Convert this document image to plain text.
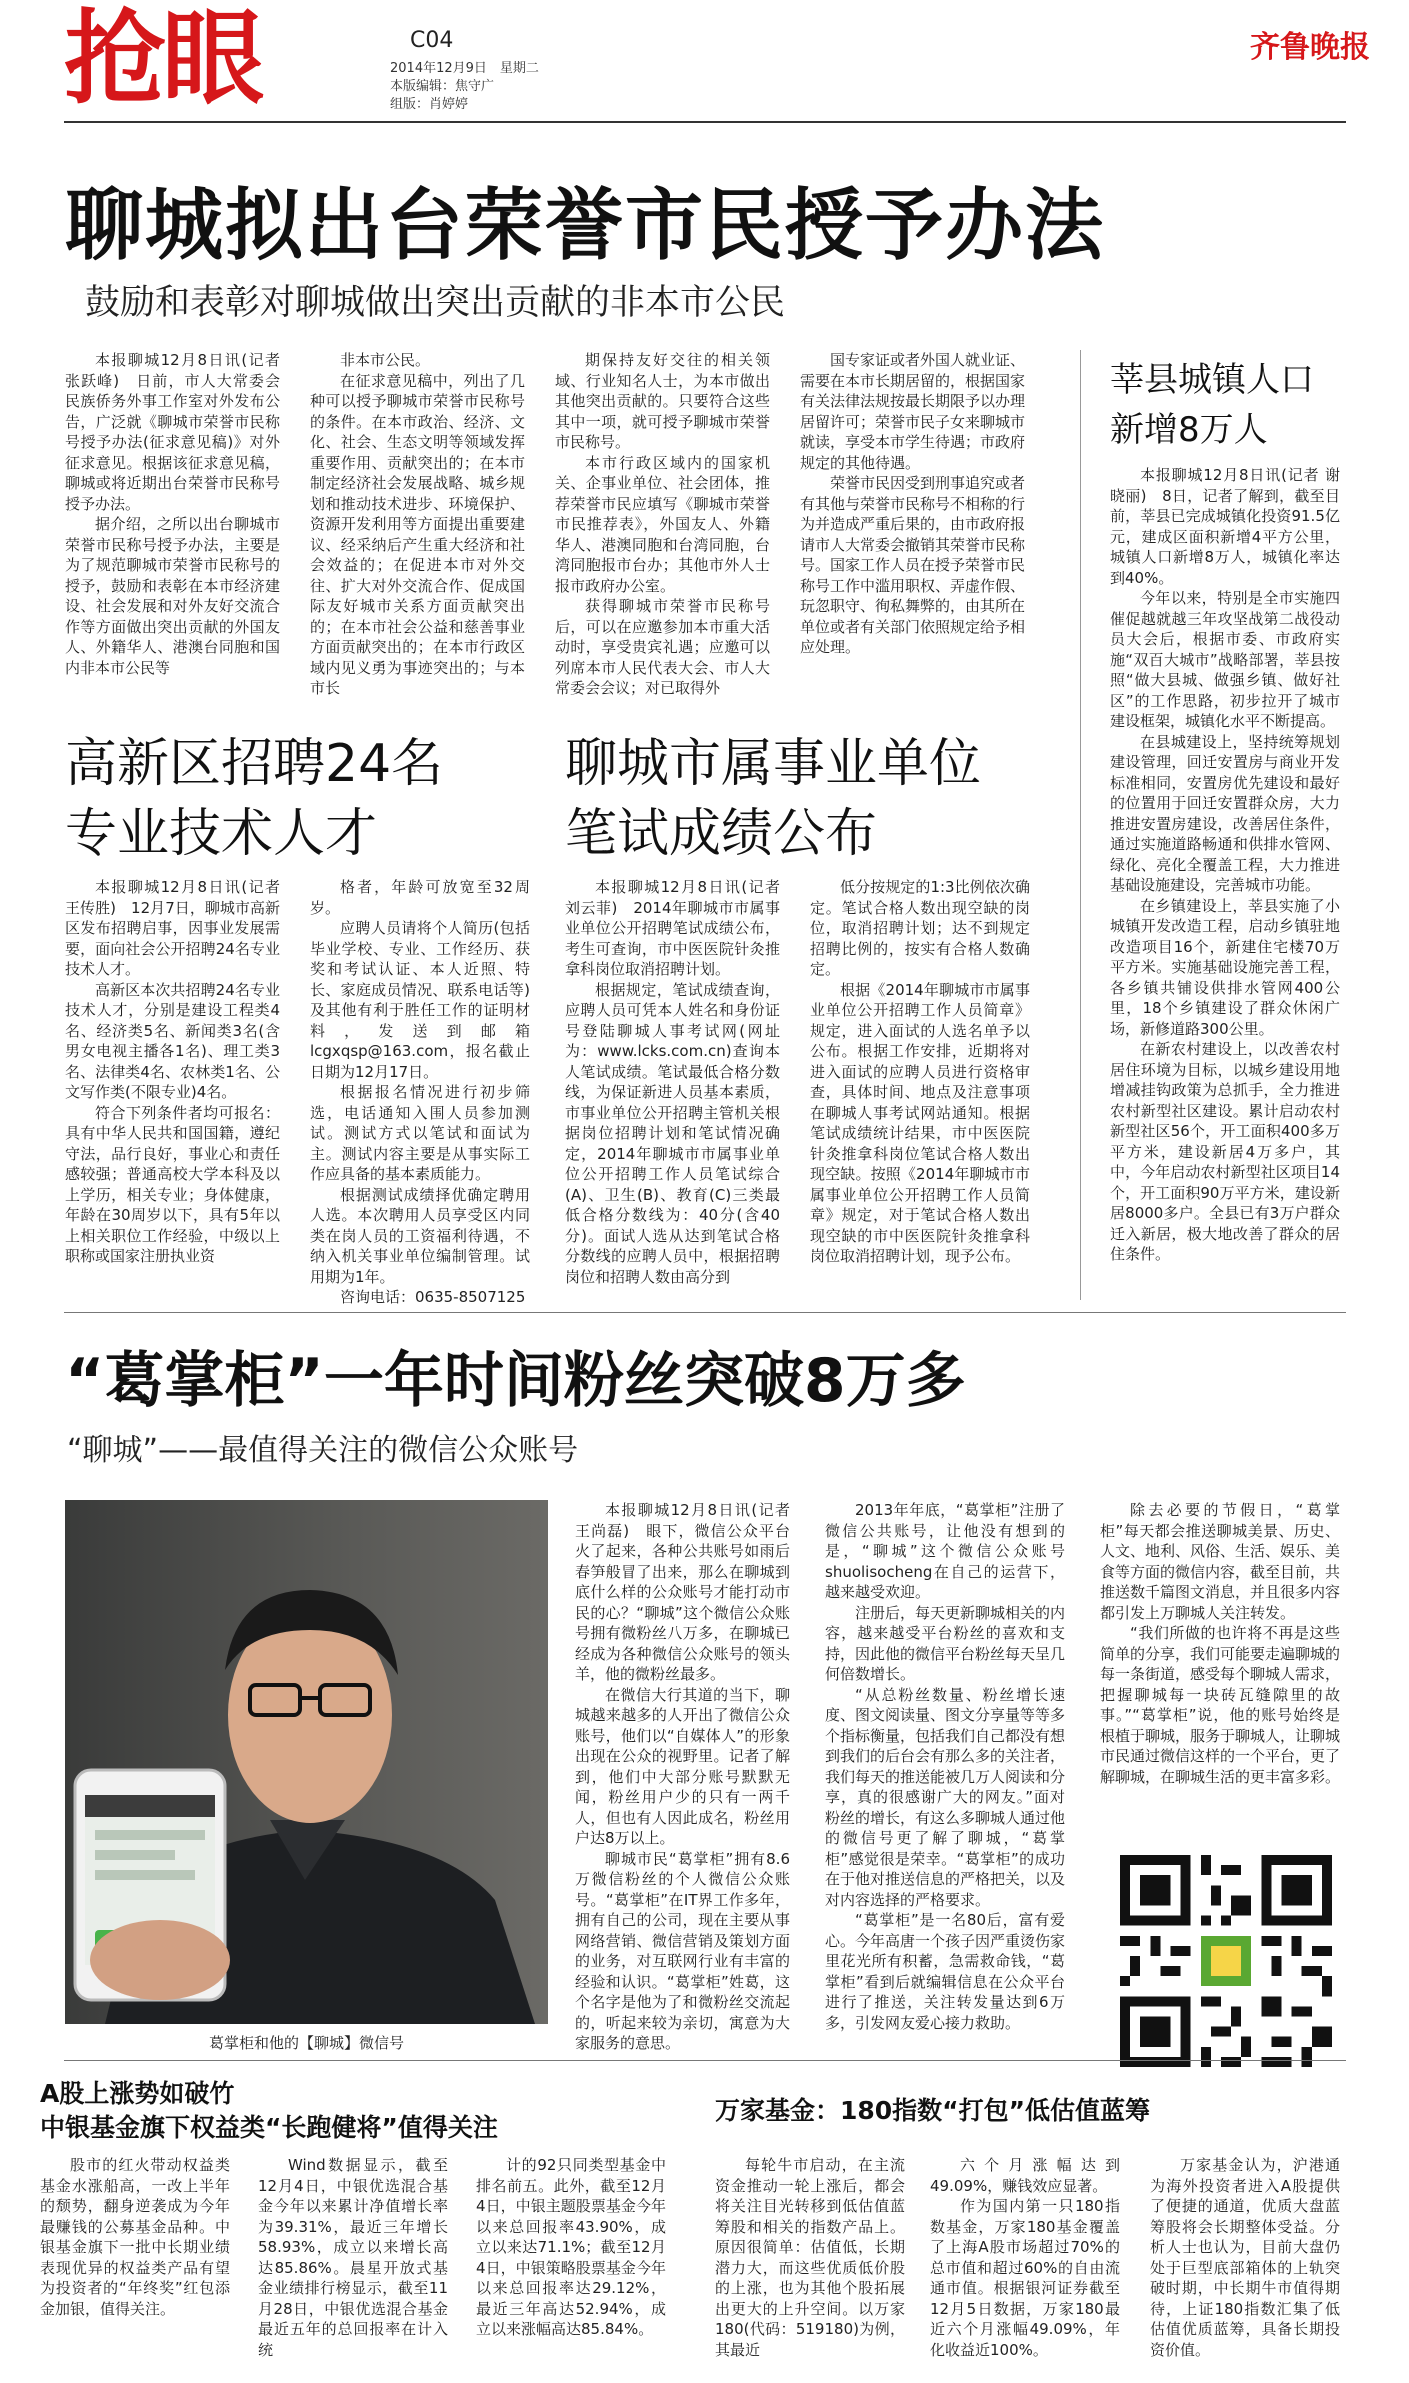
抢眼	C04
2014年12月9日　星期二
本版编辑：焦守广
组版：肖婷婷
齐鲁晚报
聊城拟出台荣誉市民授予办法
鼓励和表彰对聊城做出突出贡献的非本市公民

本报聊城12月8日讯(记者 张跃峰)　日前，市人大常委会民族侨务外事工作室对外发布公告，广泛就《聊城市荣誉市民称号授予办法(征求意见稿)》对外征求意见。根据该征求意见稿，聊城或将近期出台荣誉市民称号授予办法。

据介绍，之所以出台聊城市荣誉市民称号授予办法，主要是为了规范聊城市荣誉市民称号的授予，鼓励和表彰在本市经济建设、社会发展和对外友好交流合作等方面做出突出贡献的外国友人、外籍华人、港澳台同胞和国内非本市公民等

非本市公民。

在征求意见稿中，列出了几种可以授予聊城市荣誉市民称号的条件。在本市政治、经济、文化、社会、生态文明等领域发挥重要作用、贡献突出的；在本市制定经济社会发展战略、城乡规划和推动技术进步、环境保护、资源开发利用等方面提出重要建议、经采纳后产生重大经济和社会效益的；在促进本市对外交往、扩大对外交流合作、促成国际友好城市关系方面贡献突出的；在本市社会公益和慈善事业方面贡献突出的；在本市行政区域内见义勇为事迹突出的；与本市长

期保持友好交往的相关领域、行业知名人士，为本市做出其他突出贡献的。只要符合这些其中一项，就可授予聊城市荣誉市民称号。

本市行政区域内的国家机关、企事业单位、社会团体，推荐荣誉市民应填写《聊城市荣誉市民推荐表》，外国友人、外籍华人、港澳同胞和台湾同胞，台湾同胞报市台办；其他市外人士报市政府办公室。

获得聊城市荣誉市民称号后，可以在应邀参加本市重大活动时，享受贵宾礼遇；应邀可以列席本市人民代表大会、市人大常委会会议；对已取得外

国专家证或者外国人就业证、需要在本市长期居留的，根据国家有关法律法规按最长期限予以办理居留许可；荣誉市民子女来聊城市就读，享受本市学生待遇；市政府规定的其他待遇。

荣誉市民因受到刑事追究或者有其他与荣誉市民称号不相称的行为并造成严重后果的，由市政府报请市人大常委会撤销其荣誉市民称号。国家工作人员在授予荣誉市民称号工作中滥用职权、弄虚作假、玩忽职守、徇私舞弊的，由其所在单位或者有关部门依照规定给予相应处理。

高新区招聘24名
专业技术人才

本报聊城12月8日讯(记者 王传胜)　12月7日，聊城市高新区发布招聘启事，因事业发展需要，面向社会公开招聘24名专业技术人才。

高新区本次共招聘24名专业技术人才，分别是建设工程类4名、经济类5名、新闻类3名(含男女电视主播各1名)、理工类3名、法律类4名、农林类1名、公文写作类(不限专业)4名。

符合下列条件者均可报名：具有中华人民共和国国籍，遵纪守法，品行良好，事业心和责任感较强；普通高校大学本科及以上学历，相关专业；身体健康，年龄在30周岁以下，具有5年以上相关职位工作经验，中级以上职称或国家注册执业资

格者，年龄可放宽至32周岁。

应聘人员请将个人简历(包括毕业学校、专业、工作经历、获奖和考试认证、本人近照、特长、家庭成员情况、联系电话等)及其他有利于胜任工作的证明材料，发送到邮箱lcgxqsp@163.com，报名截止日期为12月17日。

根据报名情况进行初步筛选，电话通知入围人员参加测试。测试方式以笔试和面试为主。测试内容主要是从事实际工作应具备的基本素质能力。

根据测试成绩择优确定聘用人选。本次聘用人员享受区内同类在岗人员的工资福利待遇，不纳入机关事业单位编制管理。试用期为1年。

咨询电话：0635-8507125

聊城市属事业单位
笔试成绩公布

本报聊城12月8日讯(记者 刘云菲)　2014年聊城市市属事业单位公开招聘笔试成绩公布，考生可查询，市中医医院针灸推拿科岗位取消招聘计划。

根据规定，笔试成绩查询，应聘人员可凭本人姓名和身份证号登陆聊城人事考试网(网址为：www.lcks.com.cn)查询本人笔试成绩。笔试最低合格分数线，为保证新进人员基本素质，市事业单位公开招聘主管机关根据岗位招聘计划和笔试情况确定，2014年聊城市市属事业单位公开招聘工作人员笔试综合(A)、卫生(B)、教育(C)三类最低合格分数线为：40分(含40分)。面试人选从达到笔试合格分数线的应聘人员中，根据招聘岗位和招聘人数由高分到

低分按规定的1:3比例依次确定。笔试合格人数出现空缺的岗位，取消招聘计划；达不到规定招聘比例的，按实有合格人数确定。

根据《2014年聊城市市属事业单位公开招聘工作人员简章》规定，进入面试的人选名单予以公布。根据工作安排，近期将对进入面试的应聘人员进行资格审查，具体时间、地点及注意事项在聊城人事考试网站通知。根据笔试成绩统计结果，市中医医院针灸推拿科岗位笔试合格人数出现空缺。按照《2014年聊城市市属事业单位公开招聘工作人员简章》规定，对于笔试合格人数出现空缺的市中医医院针灸推拿科岗位取消招聘计划，现予公布。

莘县城镇人口
新增8万人

本报聊城12月8日讯(记者 谢晓丽)　8日，记者了解到，截至目前，莘县已完成城镇化投资91.5亿元，建成区面积新增4平方公里，城镇人口新增8万人，城镇化率达到40%。

今年以来，特别是全市实施四催促越就越三年攻坚战第二战役动员大会后，根据市委、市政府实施“双百大城市”战略部署，莘县按照“做大县城、做强乡镇、做好社区”的工作思路，初步拉开了城市建设框架，城镇化水平不断提高。

在县城建设上，坚持统筹规划建设管理，回迁安置房与商业开发标准相同，安置房优先建设和最好的位置用于回迁安置群众房，大力推进安置房建设，改善居住条件，通过实施道路畅通和供排水管网、绿化、亮化全覆盖工程，大力推进基础设施建设，完善城市功能。

在乡镇建设上，莘县实施了小城镇开发改造工程，启动乡镇驻地改造项目16个，新建住宅楼70万平方米。实施基础设施完善工程，各乡镇共铺设供排水管网400公里，18个乡镇建设了群众休闲广场，新修道路300公里。

在新农村建设上，以改善农村居住环境为目标，以城乡建设用地增减挂钩政策为总抓手，全力推进农村新型社区建设。累计启动农村新型社区56个，开工面积400多万平方米，建设新居4万多户，其中，今年启动农村新型社区项目14个，开工面积90万平方米，建设新居8000多户。全县已有3万户群众迁入新居，极大地改善了群众的居住条件。

“葛掌柜”一年时间粉丝突破8万多
“聊城”——最值得关注的微信公众账号
葛掌柜和他的【聊城】微信号

本报聊城12月8日讯(记者 王尚磊)　眼下，微信公众平台火了起来，各种公共账号如雨后春笋般冒了出来，那么在聊城到底什么样的公众账号才能打动市民的心？“聊城”这个微信公众账号拥有微粉丝八万多，在聊城已经成为各种微信公众账号的领头羊，他的微粉丝最多。

在微信大行其道的当下，聊城越来越多的人开出了微信公众账号，他们以“自媒体人”的形象出现在公众的视野里。记者了解到，他们中大部分账号默默无闻，粉丝用户少的只有一两千人，但也有人因此成名，粉丝用户达8万以上。

聊城市民“葛掌柜”拥有8.6万微信粉丝的个人微信公众账号。“葛掌柜”在IT界工作多年，拥有自己的公司，现在主要从事网络营销、微信营销及策划方面的业务，对互联网行业有丰富的经验和认识。“葛掌柜”姓葛，这个名字是他为了和微粉丝交流起的，听起来较为亲切，寓意为大家服务的意思。

2013年年底，“葛掌柜”注册了微信公共账号，让他没有想到的是，“聊城”这个微信公众账号shuolisocheng在自己的运营下，越来越受欢迎。

注册后，每天更新聊城相关的内容，越来越受平台粉丝的喜欢和支持，因此他的微信平台粉丝每天呈几何倍数增长。

“从总粉丝数量、粉丝增长速度、图文阅读量、图文分享量等等多个指标衡量，包括我们自己都没有想到我们的后台会有那么多的关注者，我们每天的推送能被几万人阅读和分享，真的很感谢广大的网友。”面对粉丝的增长，有这么多聊城人通过他的微信号更了解了聊城，“葛掌柜”感觉很是荣幸。“葛掌柜”的成功在于他对推送信息的严格把关，以及对内容选择的严格要求。

“葛掌柜”是一名80后，富有爱心。今年高唐一个孩子因严重烫伤家里花光所有积蓄，急需救命钱，“葛掌柜”看到后就编辑信息在公众平台进行了推送，关注转发量达到6万多，引发网友爱心接力救助。

除去必要的节假日，“葛掌柜”每天都会推送聊城美景、历史、人文、地利、风俗、生活、娱乐、美食等方面的微信内容，截至目前，共推送数千篇图文消息，并且很多内容都引发上万聊城人关注转发。

“我们所做的也许将不再是这些简单的分享，我们可能要走遍聊城的每一条街道，感受每个聊城人需求，把握聊城每一块砖瓦缝隙里的故事。”“葛掌柜”说，他的账号始终是根植于聊城，服务于聊城人，让聊城市民通过微信这样的一个平台，更了解聊城，在聊城生活的更丰富多彩。

A股上涨势如破竹
中银基金旗下权益类“长跑健将”值得关注

股市的红火带动权益类基金水涨船高，一改上半年的颓势，翻身逆袭成为今年最赚钱的公募基金品种。中银基金旗下一批中长期业绩表现优异的权益类产品有望为投资者的“年终奖”红包添金加银，值得关注。

Wind数据显示，截至12月4日，中银优选混合基金今年以来累计净值增长率为39.31%，最近三年增长58.93%，成立以来增长高达85.86%。晨星开放式基金业绩排行榜显示，截至11月28日，中银优选混合基金最近五年的总回报率在计入统

计的92只同类型基金中排名前五。此外，截至12月4日，中银主题股票基金今年以来总回报率43.90%，成立以来达71.1%；截至12月4日，中银策略股票基金今年以来总回报率达29.12%，最近三年高达52.94%，成立以来涨幅高达85.84%。

万家基金：180指数“打包”低估值蓝筹

每轮牛市启动，在主流资金推动一轮上涨后，都会将关注目光转移到低估值蓝筹股和相关的指数产品上。原因很简单：估值低，长期潜力大，而这些优质低价股的上涨，也为其他个股拓展出更大的上升空间。以万家180(代码：519180)为例，其最近

六个月涨幅达到49.09%，赚钱效应显著。

作为国内第一只180指数基金，万家180基金覆盖了上海A股市场超过70%的总市值和超过60%的自由流通市值。根据银河证券截至12月5日数据，万家180最近六个月涨幅49.09%，年化收益近100%。

万家基金认为，沪港通为海外投资者进入A股提供了便捷的通道，优质大盘蓝筹股将会长期整体受益。分析人士也认为，目前大盘仍处于巨型底部箱体的上轨突破时期，中长期牛市值得期待，上证180指数汇集了低估值优质蓝筹，具备长期投资价值。
